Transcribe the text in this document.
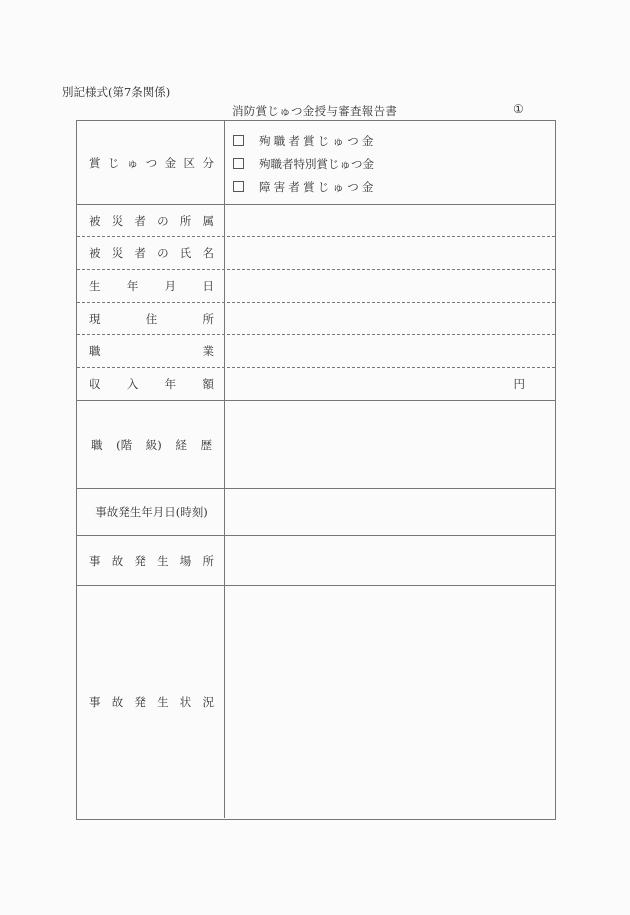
別記様式(第7条関係)
消防賞じゅつ金授与審査報告書	①
賞 じ ゅ つ 金 区 分
殉職者賞じゅつ金
殉職者特別賞じゅつ金
障害者賞じゅつ金
被 災 者 の 所 属
被 災 者 の 氏 名
生 年 月 日
現	住	所
職	業
収 入 年 額	円
職 (階 級) 経 歴
事故発生年月日(時刻)
事 故 発 生 場 所
事 故 発 生 状 況
